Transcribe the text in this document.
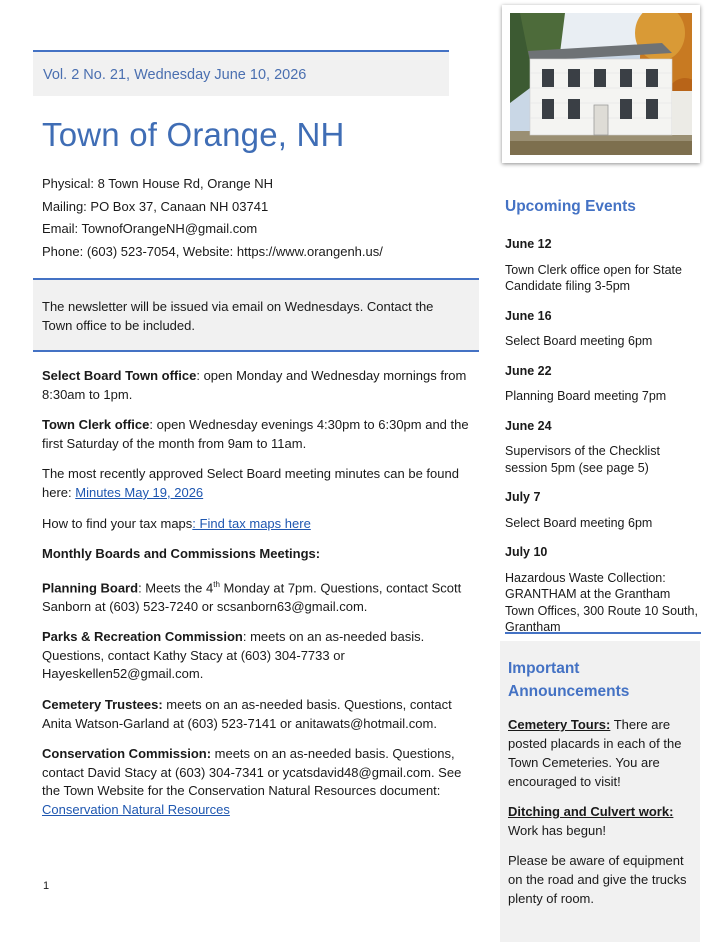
Vol. 2 No. 21, Wednesday June 10, 2026
Town of Orange, NH
Physical: 8 Town House Rd, Orange NH
Mailing: PO Box 37, Canaan NH 03741
Email: TownofOrangeNH@gmail.com
Phone: (603) 523-7054, Website: https://www.orangenh.us/
The newsletter will be issued via email on Wednesdays. Contact the Town office to be included.

Select Board Town office: open Monday and Wednesday mornings from 8:30am to 1pm.

Town Clerk office: open Wednesday evenings 4:30pm to 6:30pm and the first Saturday of the month from 9am to 11am.

The most recently approved Select Board meeting minutes can be found here: Minutes May 19, 2026

How to find your tax maps: Find tax maps here

Monthly Boards and Commissions Meetings:

Planning Board: Meets the 4th Monday at 7pm. Questions, contact Scott Sanborn at (603) 523-7240 or scsanborn63@gmail.com.

Parks & Recreation Commission: meets on an as-needed basis. Questions, contact Kathy Stacy at (603) 304-7733 or Hayeskellen52@gmail.com.

Cemetery Trustees: meets on an as-needed basis. Questions, contact Anita Watson-Garland at (603) 523-7141 or anitawats@hotmail.com.

Conservation Commission: meets on an as-needed basis. Questions, contact David Stacy at (603) 304-7341 or ycatsdavid48@gmail.com. See the Town Website for the Conservation Natural Resources document: Conservation Natural Resources

1
Upcoming Events
June 12
Town Clerk office open for State Candidate filing 3-5pm
June 16
Select Board meeting 6pm
June 22
Planning Board meeting 7pm
June 24
Supervisors of the Checklist session 5pm (see page 5)
July 7
Select Board meeting 6pm
July 10
Hazardous Waste Collection: GRANTHAM at the Grantham Town Offices, 300 Route 10 South, Grantham
Important Announcements

Cemetery Tours: There are posted placards in each of the Town Cemeteries. You are encouraged to visit!

Ditching and Culvert work:
Work has begun!

Please be aware of equipment on the road and give the trucks plenty of room.
